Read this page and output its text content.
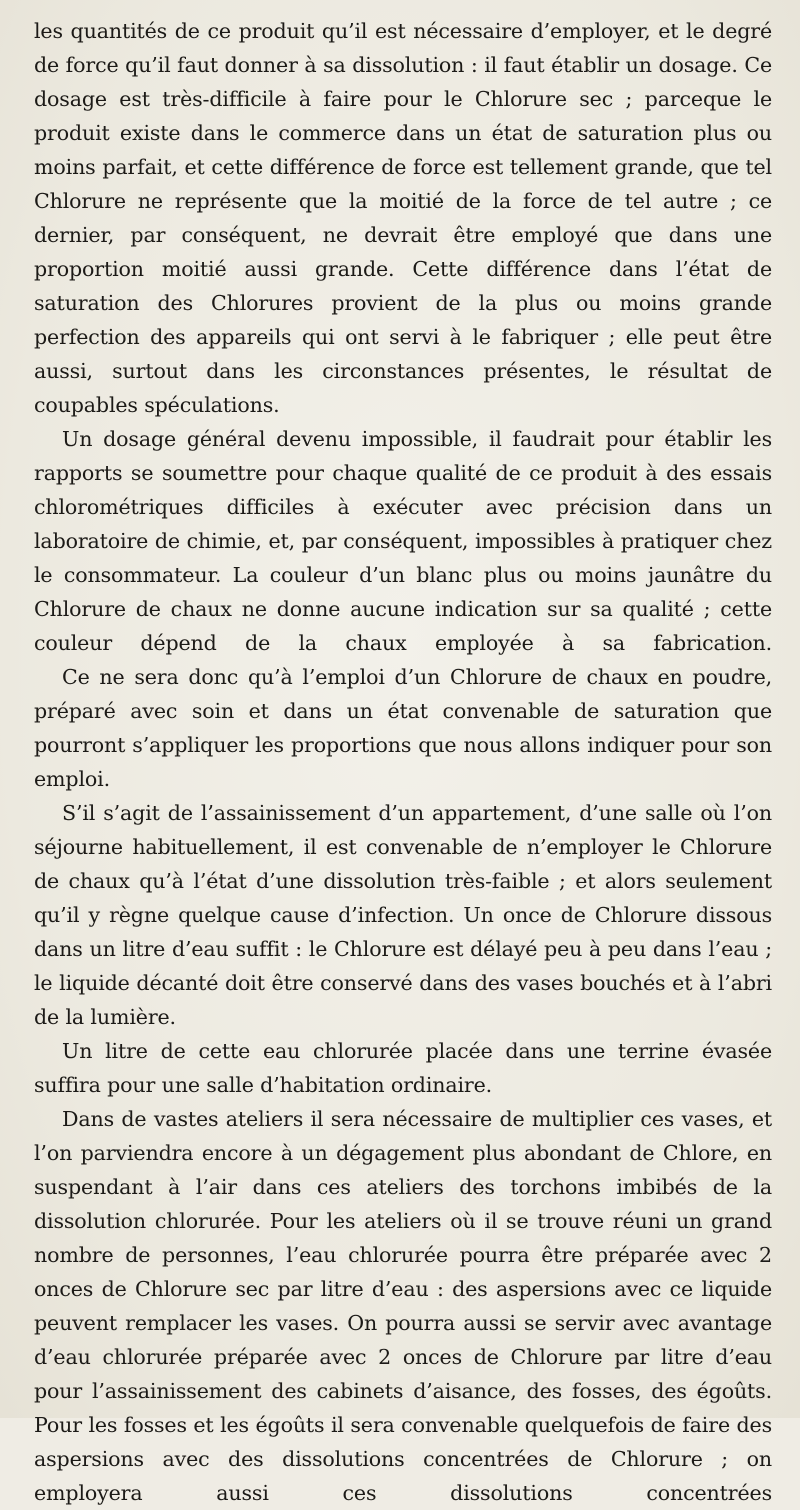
les quantités de ce produit qu’il est nécessaire d’employer, et le degré de force qu’il faut donner à sa dissolution : il faut établir un dosage. Ce dosage est très-difficile à faire pour le Chlorure sec ; parceque le produit existe dans le commerce dans un état de saturation plus ou moins parfait, et cette différence de force est tellement grande, que tel Chlorure ne représente que la moitié de la force de tel autre ; ce dernier, par conséquent, ne devrait être employé que dans une proportion moitié aussi grande. Cette différence dans l’état de saturation des Chlorures provient de la plus ou moins grande perfection des appareils qui ont servi à le fabriquer ; elle peut être aussi, surtout dans les circonstances présentes, le résultat de coupables spéculations.

Un dosage général devenu impossible, il faudrait pour établir les rapports se soumettre pour chaque qualité de ce produit à des essais chlorométriques difficiles à exécuter avec précision dans un laboratoire de chimie, et, par conséquent, impossibles à pratiquer chez le consommateur. La couleur d’un blanc plus ou moins jaunâtre du Chlorure de chaux ne donne aucune indication sur sa qualité ; cette couleur dépend de la chaux employée à sa fabrication.

Ce ne sera donc qu’à l’emploi d’un Chlorure de chaux en poudre, préparé avec soin et dans un état convenable de saturation que pourront s’appliquer les proportions que nous allons indiquer pour son emploi.

S’il s’agit de l’assainissement d’un appartement, d’une salle où l’on séjourne habituellement, il est convenable de n’employer le Chlorure de chaux qu’à l’état d’une dissolution très-faible ; et alors seulement qu’il y règne quelque cause d’infection. Un once de Chlorure dissous dans un litre d’eau suffit : le Chlorure est délayé peu à peu dans l’eau ; le liquide décanté doit être conservé dans des vases bouchés et à l’abri de la lumière.

Un litre de cette eau chlorurée placée dans une terrine évasée suffira pour une salle d’habitation ordinaire.

Dans de vastes ateliers il sera nécessaire de multiplier ces vases, et l’on parviendra encore à un dégagement plus abondant de Chlore, en suspendant à l’air dans ces ateliers des torchons imbibés de la dissolution chlorurée. Pour les ateliers où il se trouve réuni un grand nombre de personnes, l’eau chlorurée pourra être préparée avec 2 onces de Chlorure sec par litre d’eau : des aspersions avec ce liquide peuvent remplacer les vases. On pourra aussi se servir avec avantage d’eau chlorurée préparée avec 2 onces de Chlorure par litre d’eau pour l’assainissement des cabinets d’aisance, des fosses, des égoûts. Pour les fosses et les égoûts il sera convenable quelquefois de faire des aspersions avec des dissolutions concentrées de Chlorure ; on employera aussi ces dissolutions concentrées
